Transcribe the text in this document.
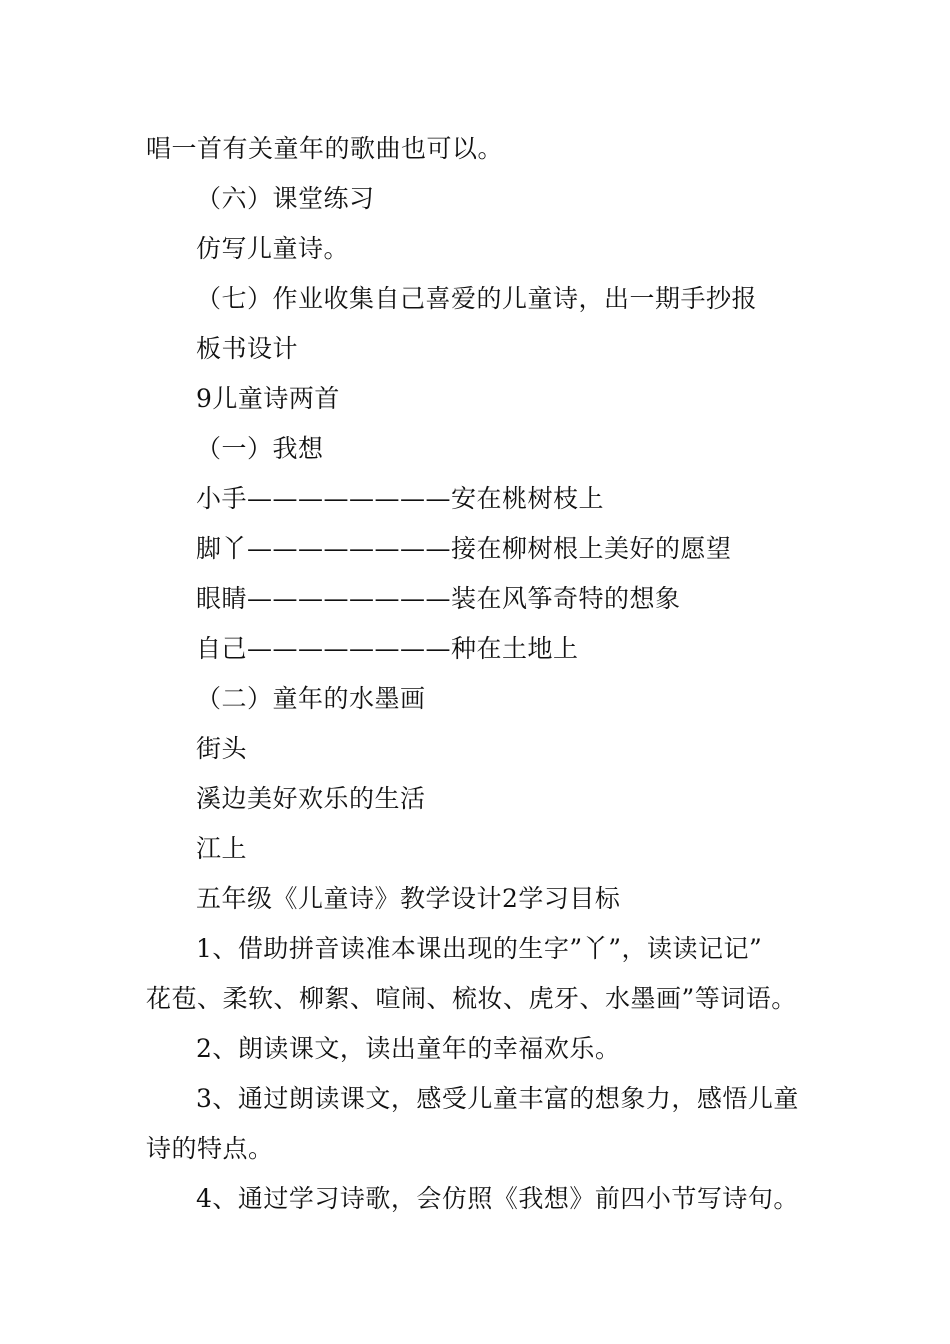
唱一首有关童年的歌曲也可以。
（六）课堂练习
仿写儿童诗。
（七）作业收集自己喜爱的儿童诗，出一期手抄报
板书设计
9儿童诗两首
（一）我想
小手————————安在桃树枝上
脚丫————————接在柳树根上美好的愿望
眼睛————————装在风筝奇特的想象
自己————————种在土地上
（二）童年的水墨画
街头
溪边美好欢乐的生活
江上
五年级《儿童诗》教学设计2学习目标
1、借助拼音读准本课出现的生字”丫”，读读记记”
花苞、柔软、柳絮、喧闹、梳妆、虎牙、水墨画”等词语。
2、朗读课文，读出童年的幸福欢乐。
3、通过朗读课文，感受儿童丰富的想象力，感悟儿童
诗的特点。
4、通过学习诗歌，会仿照《我想》前四小节写诗句。
